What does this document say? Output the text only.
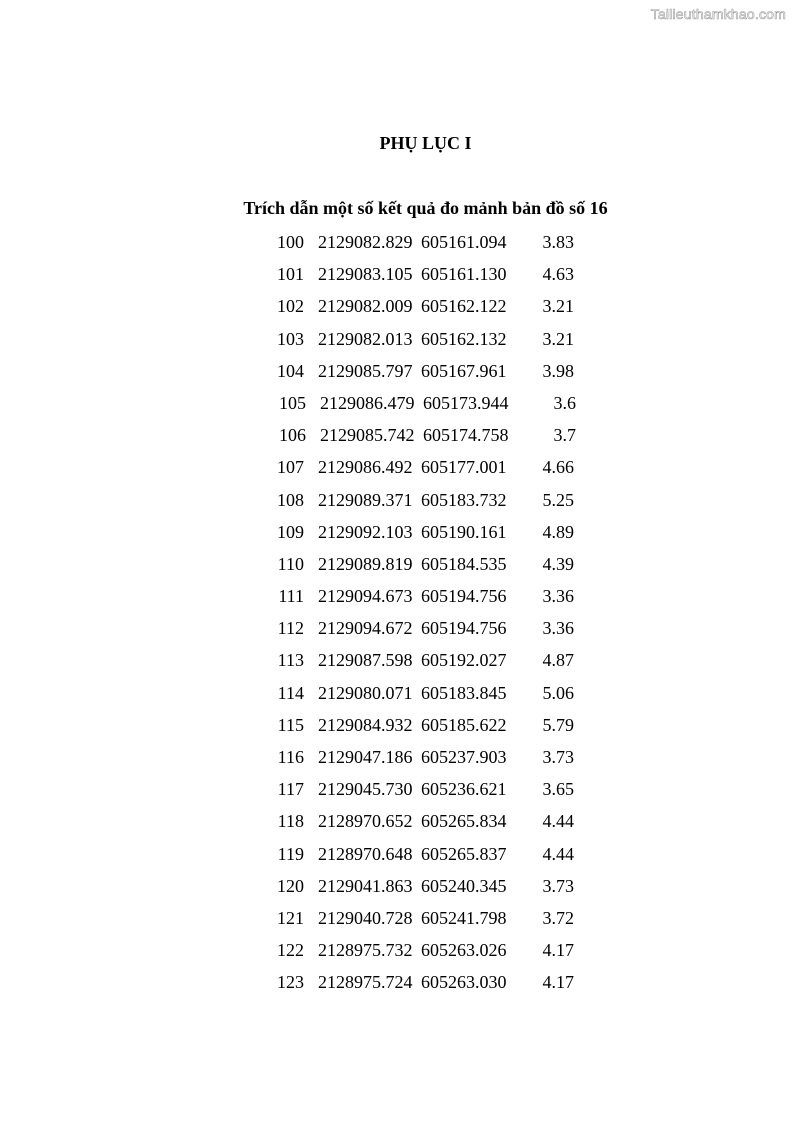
Tailieuthamkhao.com
PHỤ LỤC I
Trích dẫn một số kết quả đo mảnh bản đồ số 16
100 2129082.829 605161.094 3.83
101 2129083.105 605161.130 4.63
102 2129082.009 605162.122 3.21
103 2129082.013 605162.132 3.21
104 2129085.797 605167.961 3.98
105 2129086.479 605173.944	3.6
106 2129085.742 605174.758	3.7
107 2129086.492 605177.001 4.66
108 2129089.371 605183.732 5.25
109 2129092.103 605190.161 4.89
110 2129089.819 605184.535 4.39
111 2129094.673 605194.756 3.36
112 2129094.672 605194.756 3.36
113 2129087.598 605192.027 4.87
114 2129080.071 605183.845 5.06
115 2129084.932 605185.622 5.79
116 2129047.186 605237.903 3.73
117 2129045.730 605236.621 3.65
118 2128970.652 605265.834 4.44
119 2128970.648 605265.837 4.44
120 2129041.863 605240.345 3.73
121 2129040.728 605241.798 3.72
122 2128975.732 605263.026 4.17
123 2128975.724 605263.030 4.17
